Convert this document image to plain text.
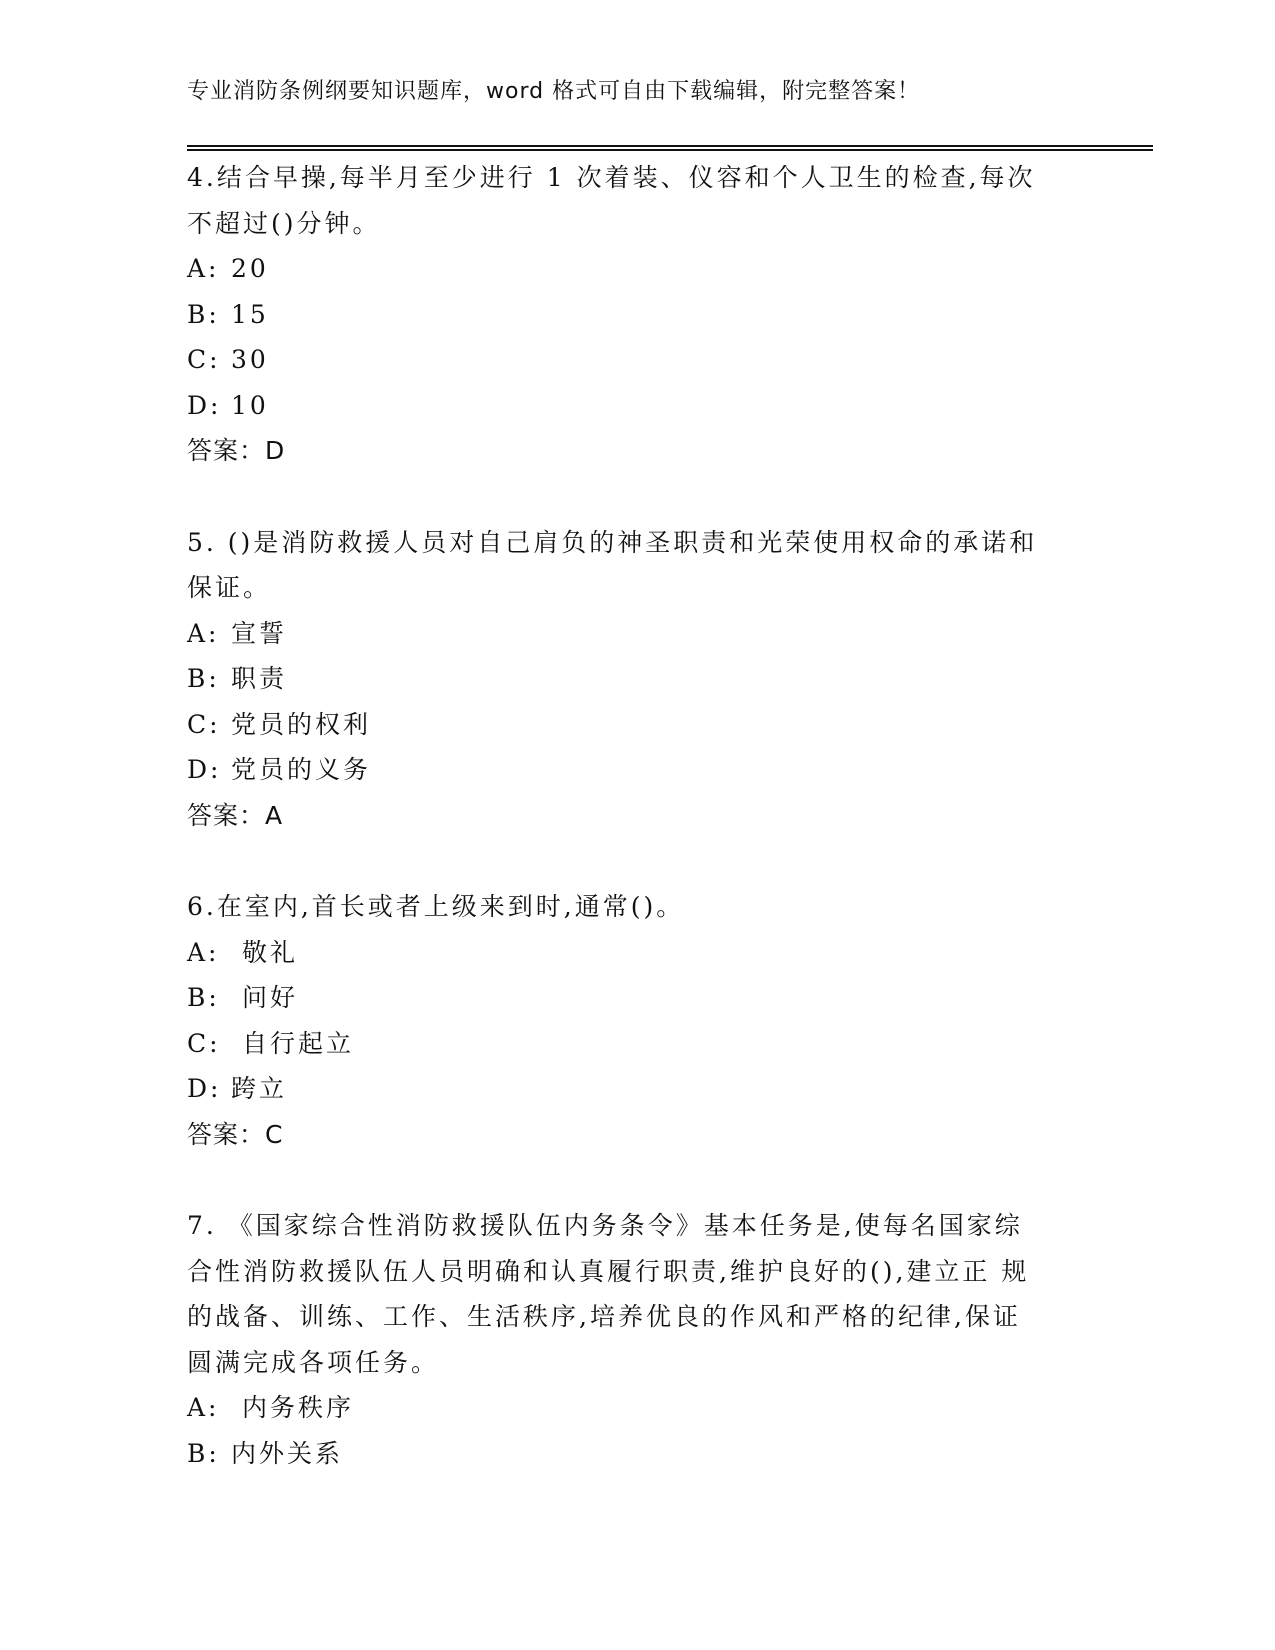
专业消防条例纲要知识题库，word 格式可自由下载编辑，附完整答案！

4.结合早操,每半月至少进行 1 次着装、仪容和个人卫生的检查,每次
不超过()分钟。

A: 20

B: 15

C: 30

D: 10

答案：D

5. ()是消防救援人员对自己肩负的神圣职责和光荣使用权命的承诺和
保证。

A: 宣誓

B: 职责

C: 党员的权利

D: 党员的义务

答案：A

6.在室内,首长或者上级来到时,通常()。

A: 敬礼

B: 问好

C: 自行起立

D: 跨立

答案：C

7. 《国家综合性消防救援队伍内务条令》基本任务是,使每名国家综
合性消防救援队伍人员明确和认真履行职责,维护良好的(),建立正 规
的战备、训练、工作、生活秩序,培养优良的作风和严格的纪律,保证
圆满完成各项任务。

A: 内务秩序

B: 内外关系
